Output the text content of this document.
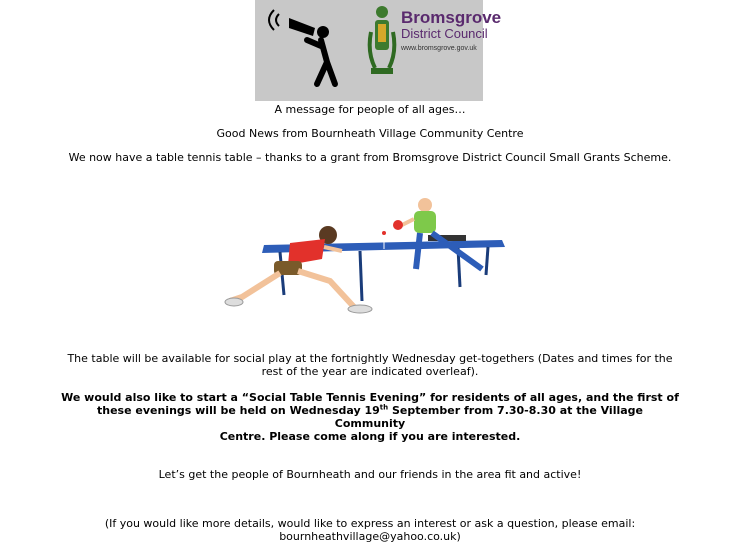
Bromsgrove
District Council
www.bromsgrove.gov.uk

A message for people of all ages…

Good News from Bournheath Village Community Centre

We now have a table tennis table – thanks to a grant from Bromsgrove District Council Small Grants Scheme.

The table will be available for social play at the fortnightly Wednesday get-togethers (Dates and times for the
rest of the year are indicated overleaf).
We would also like to start a “Social Table Tennis Evening” for residents of all ages, and the first of
these evenings will be held on Wednesday 19th September from 7.30-8.30 at the Village Community
Centre. Please come along if you are interested.

Let’s get the people of Bournheath and our friends in the area fit and active!

(If you would like more details, would like to express an interest or ask a question, please email:
bournheathvillage@yahoo.co.uk)
